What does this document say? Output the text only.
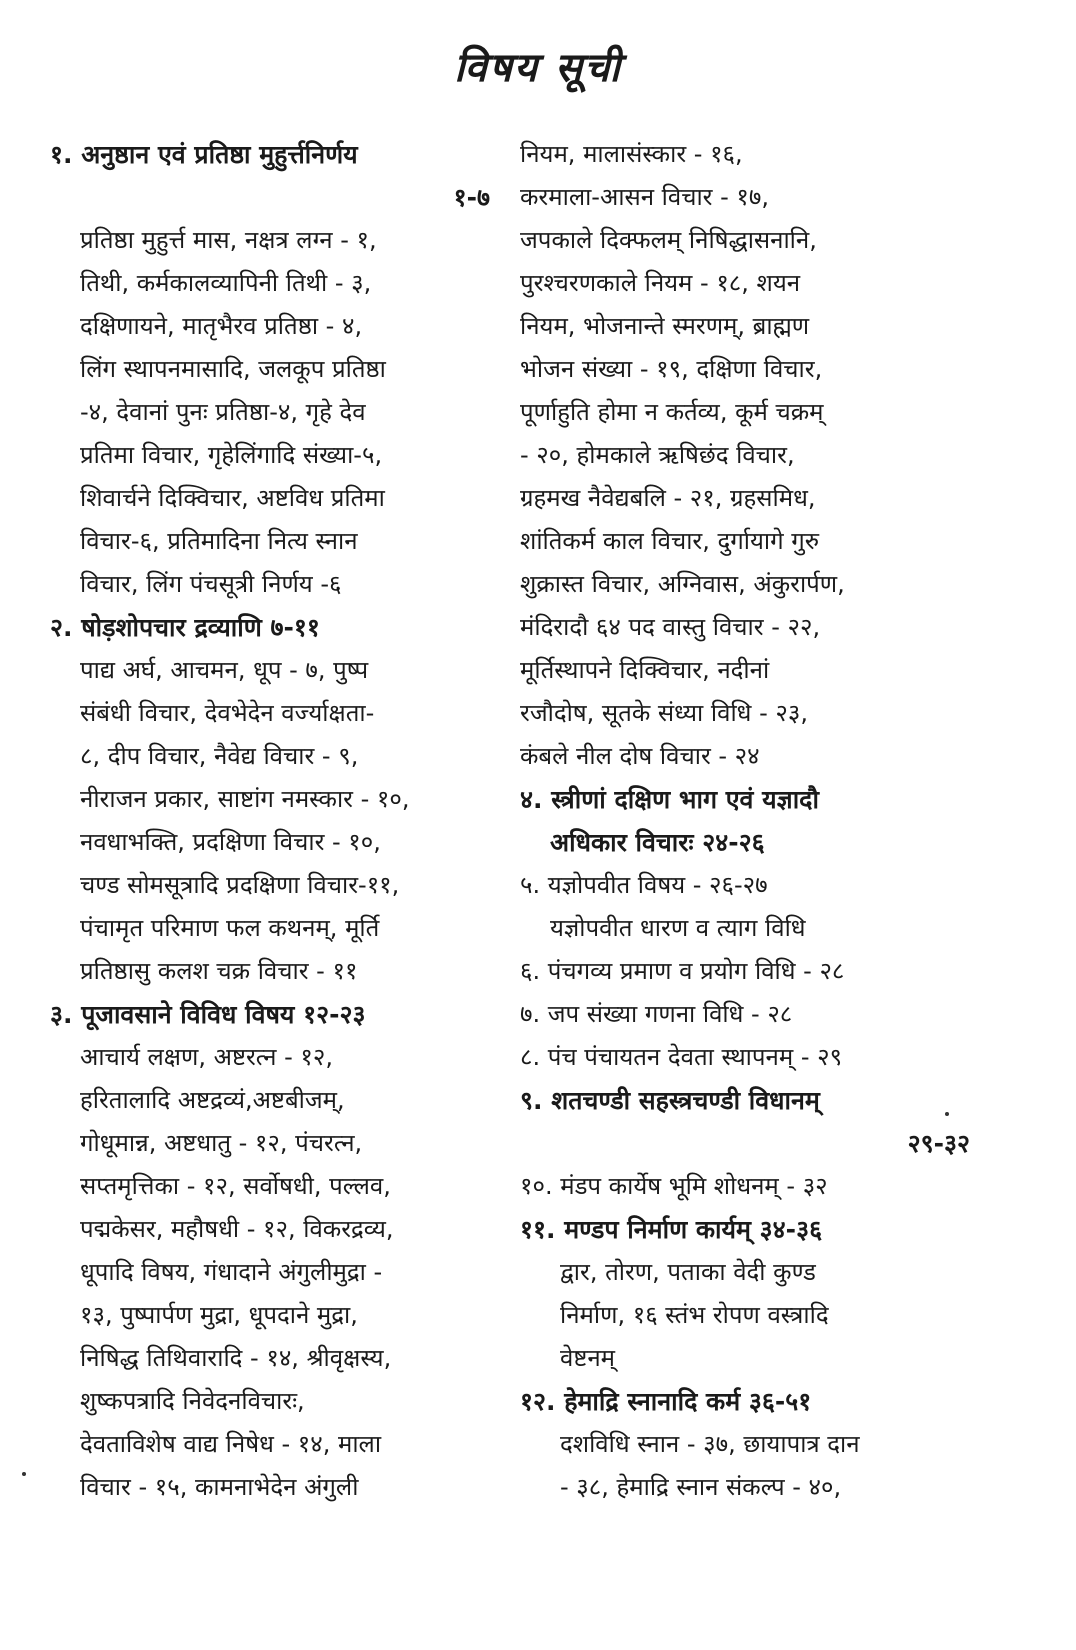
विषय सूची
१. अनुष्ठान एवं प्रतिष्ठा मुहुर्त्तनिर्णय
१-७
प्रतिष्ठा मुहुर्त्त मास, नक्षत्र लग्न - १,
तिथी, कर्मकालव्यापिनी तिथी - ३,
दक्षिणायने, मातृभैरव प्रतिष्ठा - ४,
लिंग स्थापनमासादि, जलकूप प्रतिष्ठा
-४, देवानां पुनः प्रतिष्ठा-४, गृहे देव
प्रतिमा विचार, गृहेलिंगादि संख्या-५,
शिवार्चने दिक्विचार, अष्टविध प्रतिमा
विचार-६, प्रतिमादिना नित्य स्नान
विचार, लिंग पंचसूत्री निर्णय -६
२. षोड़शोपचार द्रव्याणि ७-११
पाद्य अर्घ, आचमन, धूप - ७, पुष्प
संबंधी विचार, देवभेदेन वर्ज्याक्षता-
८, दीप विचार, नैवेद्य विचार - ९,
नीराजन प्रकार, साष्टांग नमस्कार - १०,
नवधाभक्ति, प्रदक्षिणा विचार - १०,
चण्ड सोमसूत्रादि प्रदक्षिणा विचार-११,
पंचामृत परिमाण फल कथनम्, मूर्ति
प्रतिष्ठासु कलश चक्र विचार - ११
३. पूजावसाने विविध विषय १२-२३
आचार्य लक्षण, अष्टरत्न - १२,
हरितालादि अष्टद्रव्यं,अष्टबीजम्,
गोधूमान्न, अष्टधातु - १२, पंचरत्न,
सप्तमृत्तिका - १२, सर्वोषधी, पल्लव,
पद्मकेसर, महौषधी - १२, विकरद्रव्य,
धूपादि विषय, गंधादाने अंगुलीमुद्रा -
१३, पुष्पार्पण मुद्रा, धूपदाने मुद्रा,
निषिद्ध तिथिवारादि - १४, श्रीवृक्षस्य,
शुष्कपत्रादि निवेदनविचारः,
देवताविशेष वाद्य निषेध - १४, माला
विचार - १५, कामनाभेदेन अंगुली
नियम, मालासंस्कार - १६,
करमाला-आसन विचार - १७,
जपकाले दिक्फलम् निषिद्धासनानि,
पुरश्चरणकाले नियम - १८, शयन
नियम, भोजनान्ते स्मरणम्, ब्राह्मण
भोजन संख्या - १९, दक्षिणा विचार,
पूर्णाहुति होमा न कर्तव्य, कूर्म चक्रम्
- २०, होमकाले ऋषिछंद विचार,
ग्रहमख नैवेद्यबलि - २१, ग्रहसमिध,
शांतिकर्म काल विचार, दुर्गायागे गुरु
शुक्रास्त विचार, अग्निवास, अंकुरार्पण,
मंदिरादौ ६४ पद वास्तु विचार - २२,
मूर्तिस्थापने दिक्विचार, नदीनां
रजौदोष, सूतके संध्या विधि - २३,
कंबले नील दोष विचार - २४
४. स्त्रीणां दक्षिण भाग एवं यज्ञादौ
अधिकार विचारः २४-२६
५. यज्ञोपवीत विषय - २६-२७
यज्ञोपवीत धारण व त्याग विधि
६. पंचगव्य प्रमाण व प्रयोग विधि - २८
७. जप संख्या गणना विधि - २८
८. पंच पंचायतन देवता स्थापनम् - २९
९. शतचण्डी सहस्त्रचण्डी विधानम्
२९-३२
१०. मंडप कार्येष भूमि शोधनम् - ३२
११. मण्डप निर्माण कार्यम् ३४-३६
द्वार, तोरण, पताका वेदी कुण्ड
निर्माण, १६ स्तंभ रोपण वस्त्रादि
वेष्टनम्
१२. हेमाद्रि स्नानादि कर्म ३६-५१
दशविधि स्नान - ३७, छायापात्र दान
- ३८, हेमाद्रि स्नान संकल्प - ४०,
